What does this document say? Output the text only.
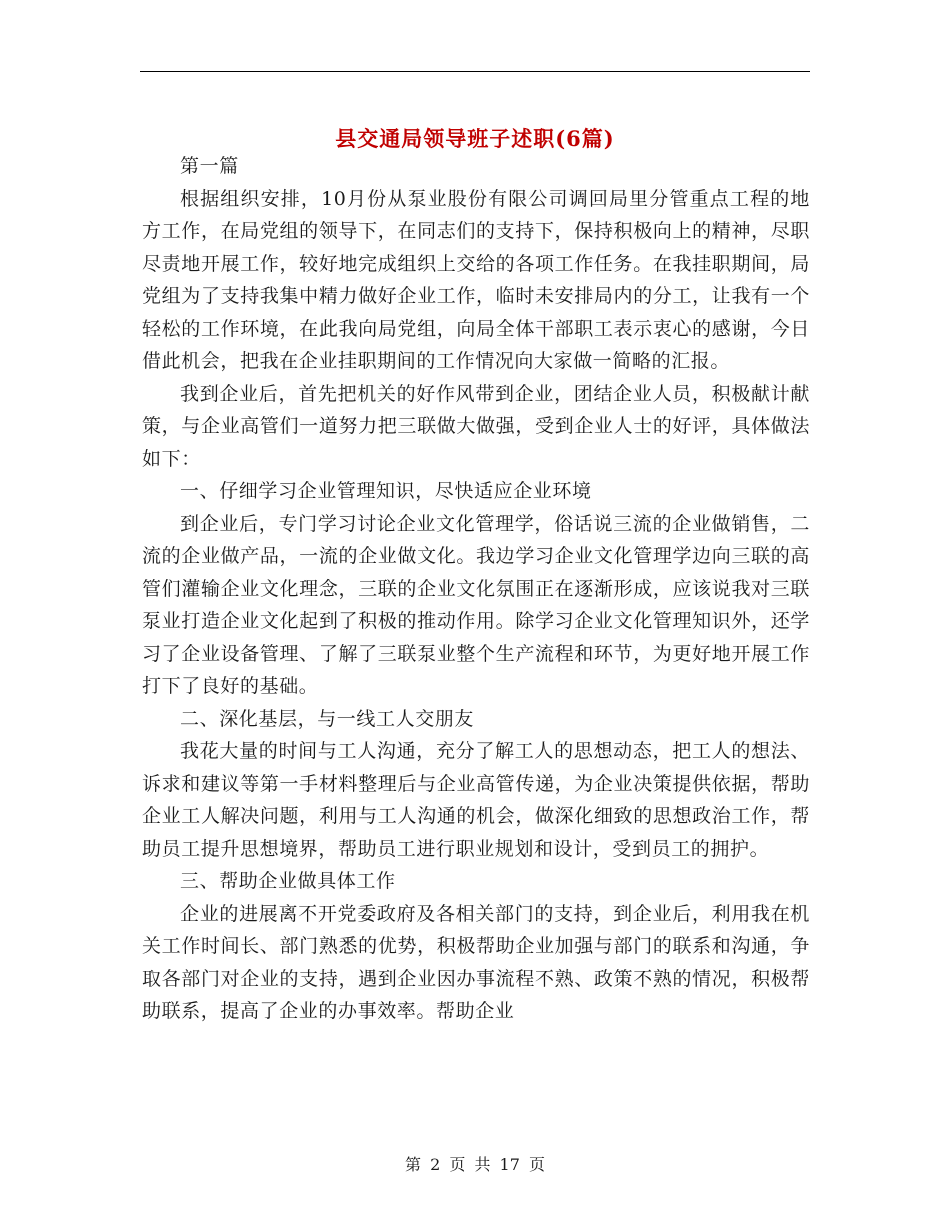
县交通局领导班子述职(6篇)

第一篇

根据组织安排，10月份从泵业股份有限公司调回局里分管重点工程的地方工作，在局党组的领导下，在同志们的支持下，保持积极向上的精神，尽职尽责地开展工作，较好地完成组织上交给的各项工作任务。在我挂职期间，局党组为了支持我集中精力做好企业工作，临时未安排局内的分工，让我有一个轻松的工作环境，在此我向局党组，向局全体干部职工表示衷心的感谢，今日借此机会，把我在企业挂职期间的工作情况向大家做一简略的汇报。

我到企业后，首先把机关的好作风带到企业，团结企业人员，积极献计献策，与企业高管们一道努力把三联做大做强，受到企业人士的好评，具体做法如下：

一、仔细学习企业管理知识，尽快适应企业环境

到企业后，专门学习讨论企业文化管理学，俗话说三流的企业做销售，二流的企业做产品，一流的企业做文化。我边学习企业文化管理学边向三联的高管们灌输企业文化理念，三联的企业文化氛围正在逐渐形成，应该说我对三联泵业打造企业文化起到了积极的推动作用。除学习企业文化管理知识外，还学习了企业设备管理、了解了三联泵业整个生产流程和环节，为更好地开展工作打下了良好的基础。

二、深化基层，与一线工人交朋友

我花大量的时间与工人沟通，充分了解工人的思想动态，把工人的想法、诉求和建议等第一手材料整理后与企业高管传递，为企业决策提供依据，帮助企业工人解决问题，利用与工人沟通的机会，做深化细致的思想政治工作，帮助员工提升思想境界，帮助员工进行职业规划和设计，受到员工的拥护。

三、帮助企业做具体工作

企业的进展离不开党委政府及各相关部门的支持，到企业后，利用我在机关工作时间长、部门熟悉的优势，积极帮助企业加强与部门的联系和沟通，争取各部门对企业的支持，遇到企业因办事流程不熟、政策不熟的情况，积极帮助联系，提高了企业的办事效率。帮助企业

第 2 页 共 17 页
